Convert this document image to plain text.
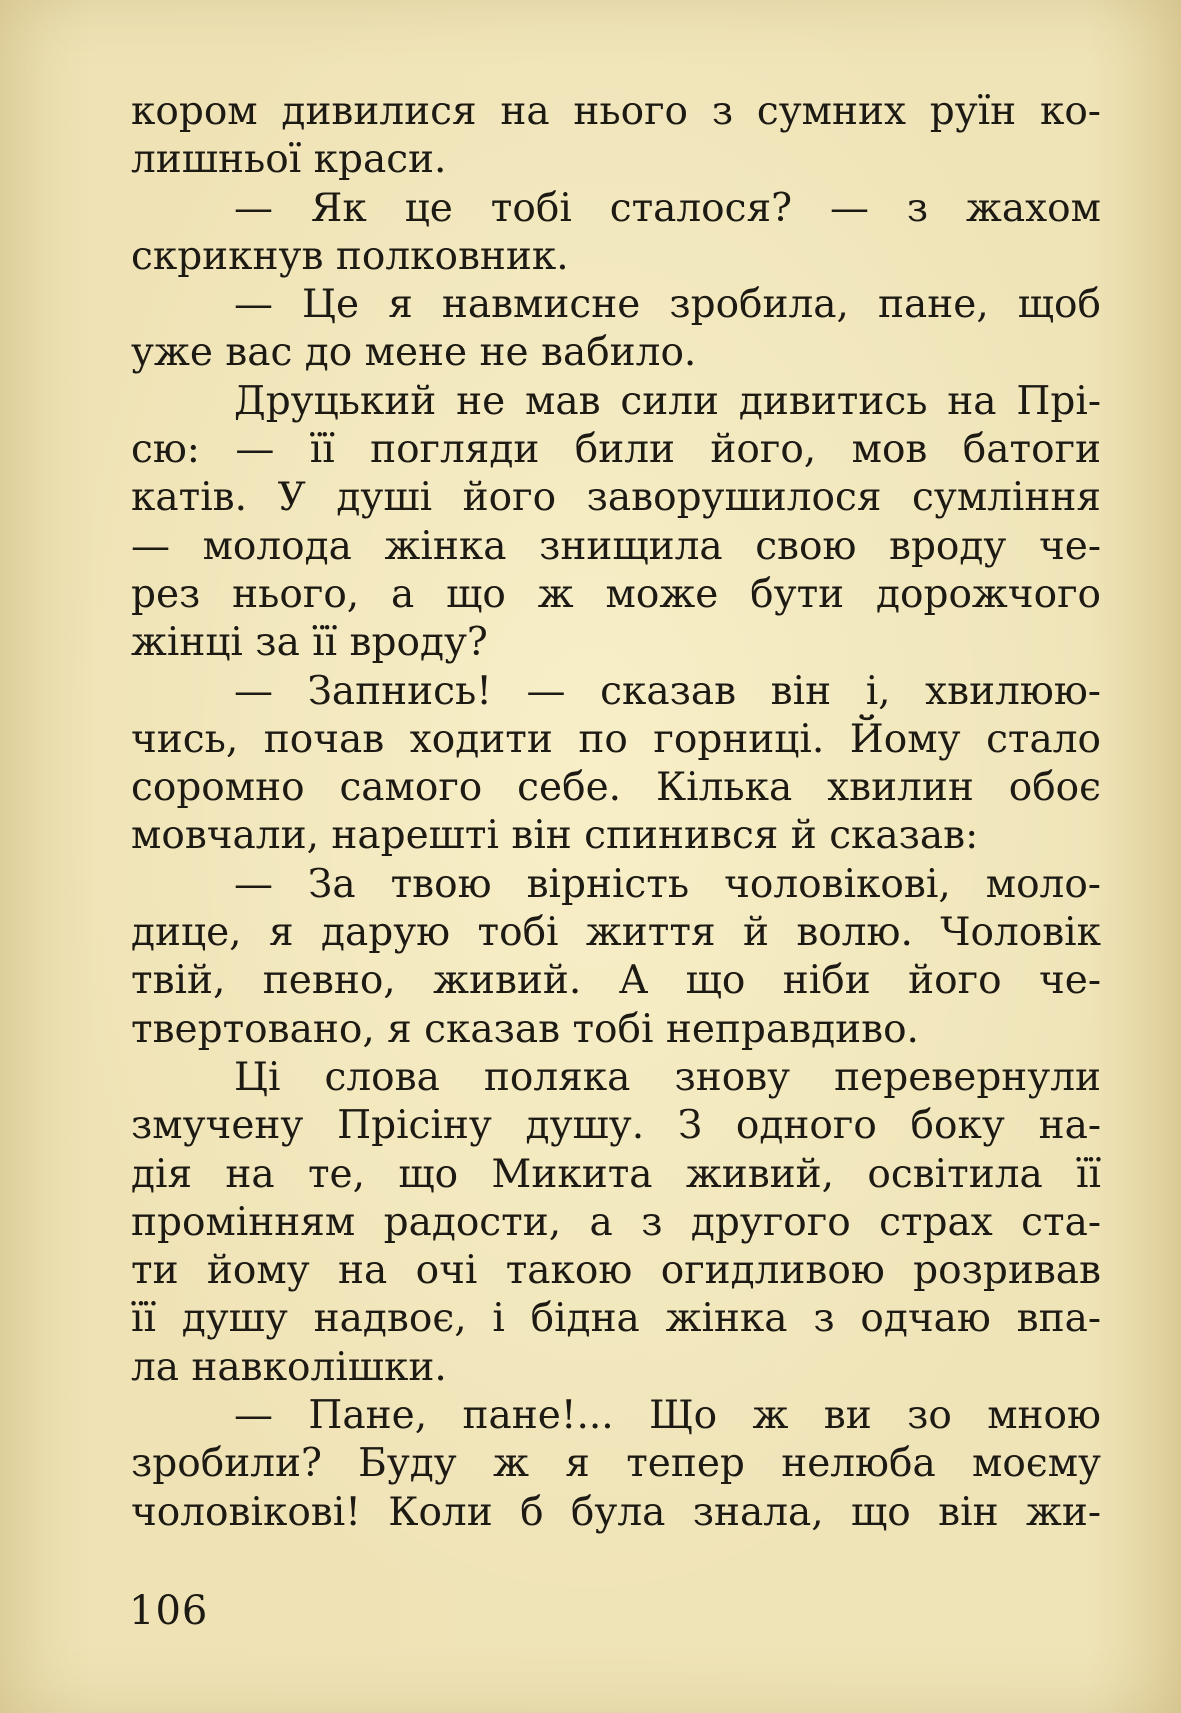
кором дивилися на нього з сумних руїн ко-
лишньої краси.
— Як це тобі сталося? — з жахом
скрикнув полковник.
— Це я навмисне зробила, пане, щоб
уже вас до мене не вабило.
Друцький не мав сили дивитись на Прі-
сю: — її погляди били його, мов батоги
катів. У душі його заворушилося сумління
— молода жінка знищила свою вроду че-
рез нього, а що ж може бути дорожчого
жінці за її вроду?
— Запнись! — сказав він і, хвилюю-
чись, почав ходити по горниці. Йому стало
соромно самого себе. Кілька хвилин обоє
мовчали, нарешті він спинився й сказав:
— За твою вірність чоловікові, моло-
дице, я дарую тобі життя й волю. Чоловік
твій, певно, живий. А що ніби його че-
твертовано, я сказав тобі неправдиво.
Ці слова поляка знову перевернули
змучену Прісіну душу. З одного боку на-
дія на те, що Микита живий, освітила її
промінням радости, а з другого страх ста-
ти йому на очі такою огидливою розривав
її душу надвоє, і бідна жінка з одчаю впа-
ла навколішки.
— Пане, пане!... Що ж ви зо мною
зробили? Буду ж я тепер нелюба моєму
чоловікові! Коли б була знала, що він жи-
106
